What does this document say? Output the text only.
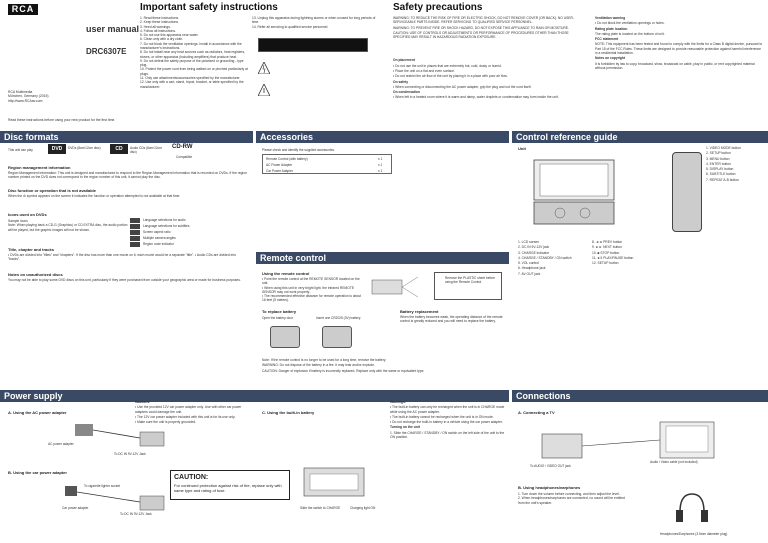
RCA
user manual
DRC6307E
RCA Multimedia
München, Germany (2015)
http://www.RCAav.com
Read these instructions before using your new product for the first time.
Important safety instructions

1. Read these instructions.

2. Keep these instructions.

3. Heed all warnings.

4. Follow all instructions.

5. Do not use this apparatus near water.

6. Clean only with a dry cloth.

7. Do not block the ventilation openings. Install in accordance with the manufacturer's instructions.

8. Do not install near any heat sources such as radiators, heat registers, stoves, or other apparatus (including amplifiers) that produce heat.

9. Do not defeat the safety purpose of the polarized or grounding - type plug.

10. Protect the power cord from being walked on or pinched particularly at plugs.

11. Only use attachments/accessories specified by the manufacturer.

12. Use only with a cart, stand, tripod, bracket, or table specified by the manufacturer.

13. Unplug this apparatus during lightning storms or when unused for long periods of time.

14. Refer all servicing to qualified service personnel.

Safety precautions

WARNING: TO REDUCE THE RISK OF FIRE OR ELECTRIC SHOCK, DO NOT REMOVE COVER (OR BACK). NO USER-SERVICEABLE PARTS INSIDE. REFER SERVICING TO QUALIFIED SERVICE PERSONNEL.

WARNING: TO PREVENT FIRE OR SHOCK HAZARD, DO NOT EXPOSE THIS APPLIANCE TO RAIN OR MOISTURE.

CAUTION: USE OF CONTROLS OR ADJUSTMENTS OR PERFORMANCE OF PROCEDURES OTHER THAN THOSE SPECIFIED MAY RESULT IN HAZARDOUS RADIATION EXPOSURE.

On placement

• Do not use the unit in places that are extremely hot, cold, dusty or humid.

• Place the unit on a flat and even surface.

• Do not restrict the air flow of the unit by placing it in a place with poor air flow.

On safety

• When connecting or disconnecting the AC power adapter, grip the plug and not the cord itself.

On condensation

• When left in a heated room where it is warm and damp, water droplets or condensation may form inside the unit.

Ventilation warning

• Do not block the ventilation openings or holes.

Rating plate location

The rating plate is located on the bottom of unit.

FCC statement

NOTE: This equipment has been tested and found to comply with the limits for a Class B digital device, pursuant to Part 15 of the FCC Rules. These limits are designed to provide reasonable protection against harmful interference in a residential installation.

Notes on copyright

It is forbidden by law to copy, broadcast, show, broadcast on cable, play in public, or rent copyrighted material without permission.

Disc formats	Accessories	Control reference guide
This unit can play	DVD	DVDs (8cm/12cm disc)	CD	Audio CDs (8cm/12cm disc)
CD-RW
Compatible
Region management information
Region Management Information: This unit is designed and manufactured to respond to the Region Management Information that is recorded on DVDs. If the region number printed on the DVD does not correspond to the region number of this unit, it cannot play the disc.
Disc function or operation that is not available
When the ⊘ symbol appears on the screen it indicates the function or operation attempted is not available at that time.
Icons used on DVDs
Sample icons
Note: When playing back a CD-G (Graphics) or CD EXTRA disc, the audio portion will be played, but the graphic images will not be shown.
Language selections for audio
Language selections for subtitles
Screen aspect ratio
Multiple camera angles
Region code indicator
Title, chapter and tracks
• DVDs are divided into "titles" and "chapters". If the disc has more than one movie on it, each movie would be a separate "title". • Audio CDs are divided into "tracks".
Notes on unauthorized discs
You may not be able to play some DVD discs on this unit, particularly if they were purchased from outside your geographic area or made for business purposes.
Please check and identify the supplied accessories.
Remote Control (with battery)	x 1
AC Power Adapter	x 1
Car Power Adapter	x 1
Remote control
Using the remote control
• Point the remote control at the REMOTE SENSOR located on the unit.
• When using this unit in very bright light, the infrared REMOTE SENSOR may not work properly.
• The recommended effective distance for remote operation is about 16 feet (5 meters).
Remove the PLASTIC sheet before using the Remote Control.
To replace battery
Open the battery door	Insert one CR2025 (3V) battery.
Battery replacement
When the battery becomes weak, the operating distance of the remote control is greatly reduced and you will need to replace the battery.

Note: If the remote control is no longer to be used for a long time, remove the battery.

WARNING: Do not dispose of the battery in a fire. It may leak and/or explode.

CAUTION: Danger of explosion if battery is incorrectly replaced. Replace only with the same or equivalent type.

Unit

1. LCD screen

2. DC IN 9V-12V jack

3. CHARGE indicator

4. CHARGE / STANDBY / ON switch

5. VOL control

6. Headphone jack

7. AV OUT jack

8. ◄◄ PREV button

9. ►► NEXT button

10. ■ STOP button

11. ►II PLAY/PAUSE button

12. SETUP button

1. VIDEO MODE button

2. SETUP button

3. MENU button

4. ENTER button

5. DISPLAY button

6. SUBTITLE button

7. REPEAT A-B button

Power supply	Connections
A. Using the AC power adapter
AC power adapter
To DC IN 9V-12V Jack
B. Using the car power adapter
To cigarette lighter socket
Car power adapter
To DC IN 9V-12V Jack
CAUTION:
For continued protection against risk of fire, replace only with same type and rating of fuse.

Cautions:

• Use the provided 12V car power adapter only. Use with other car power adapters could damage the unit.

• The 12V car power adapter included with this unit is for its use only.

• Make sure the unit is properly grounded.

C. Using the built-in battery
Slide the switch to CHARGE	Charging light ON

Warnings:

• The built-in battery can only be recharged when the unit is in CHARGE mode while using the AC power adapter.

• The built-in battery cannot be recharged when the unit is in ON mode.

• Do not recharge the built-in battery in a vehicle using the car power adapter.

Turning on the unit

1. Slide the CHARGE / STANDBY / ON switch on the left side of the unit to the ON position.

A. Connecting a TV
To AUDIO / VIDEO OUT jack
Audio / Video cable (not included)
B. Using headphones/earphones
1. Turn down the volume before connecting, and then adjust the level.
2. When headphones/earphones are connected, no sound will be emitted from the unit's speaker.
Headphones/Earphones (3.5mm diameter plug)
